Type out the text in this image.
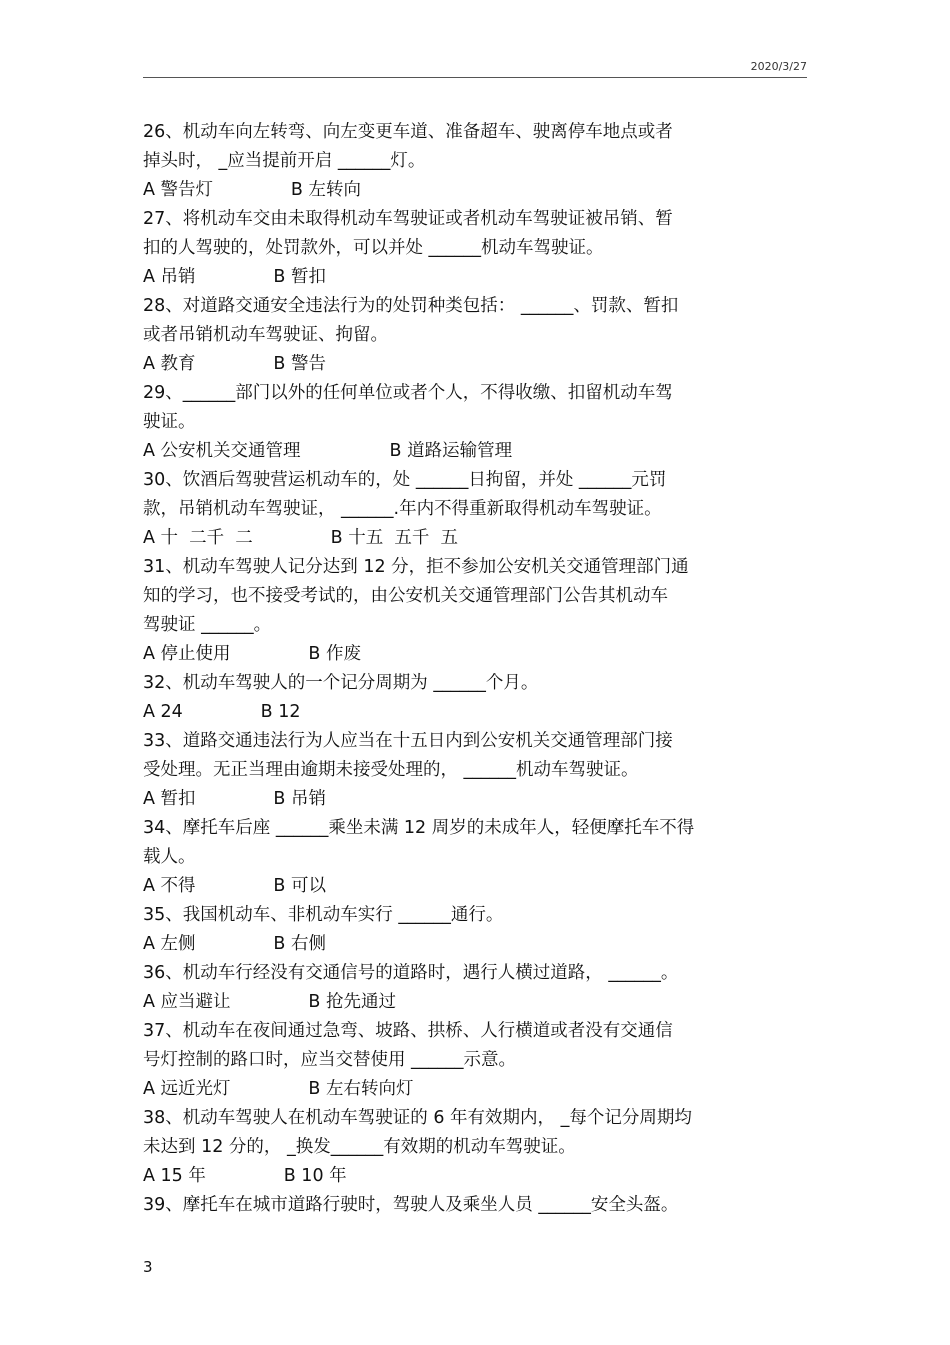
2020/3/27
26、机动车向左转弯、向左变更车道、准备超车、驶离停车地点或者
掉头时， _应当提前开启 ______灯。
A 警告灯              B 左转向
27、将机动车交由未取得机动车驾驶证或者机动车驾驶证被吊销、暂
扣的人驾驶的，处罚款外，可以并处 ______机动车驾驶证。
A 吊销              B 暂扣
28、对道路交通安全违法行为的处罚种类包括： ______、罚款、暂扣
或者吊销机动车驾驶证、拘留。
A 教育              B 警告
29、______部门以外的任何单位或者个人，不得收缴、扣留机动车驾
驶证。
A 公安机关交通管理                B 道路运输管理
30、饮酒后驾驶营运机动车的，处 ______日拘留，并处 ______元罚
款，吊销机动车驾驶证， ______.年内不得重新取得机动车驾驶证。
A 十  二千  二              B 十五  五千  五
31、机动车驾驶人记分达到 12 分，拒不参加公安机关交通管理部门通
知的学习，也不接受考试的，由公安机关交通管理部门公告其机动车
驾驶证 ______。
A 停止使用              B 作废
32、机动车驾驶人的一个记分周期为 ______个月。
A 24              B 12
33、道路交通违法行为人应当在十五日内到公安机关交通管理部门接
受处理。无正当理由逾期未接受处理的， ______机动车驾驶证。
A 暂扣              B 吊销
34、摩托车后座 ______乘坐未满 12 周岁的未成年人，轻便摩托车不得
载人。
A 不得              B 可以
35、我国机动车、非机动车实行 ______通行。
A 左侧              B 右侧
36、机动车行经没有交通信号的道路时，遇行人横过道路， ______。
A 应当避让              B 抢先通过
37、机动车在夜间通过急弯、坡路、拱桥、人行横道或者没有交通信
号灯控制的路口时，应当交替使用 ______示意。
A 远近光灯              B 左右转向灯
38、机动车驾驶人在机动车驾驶证的 6 年有效期内， _每个记分周期均
未达到 12 分的， _换发______有效期的机动车驾驶证。
A 15 年              B 10 年
39、摩托车在城市道路行驶时，驾驶人及乘坐人员 ______安全头盔。
3
